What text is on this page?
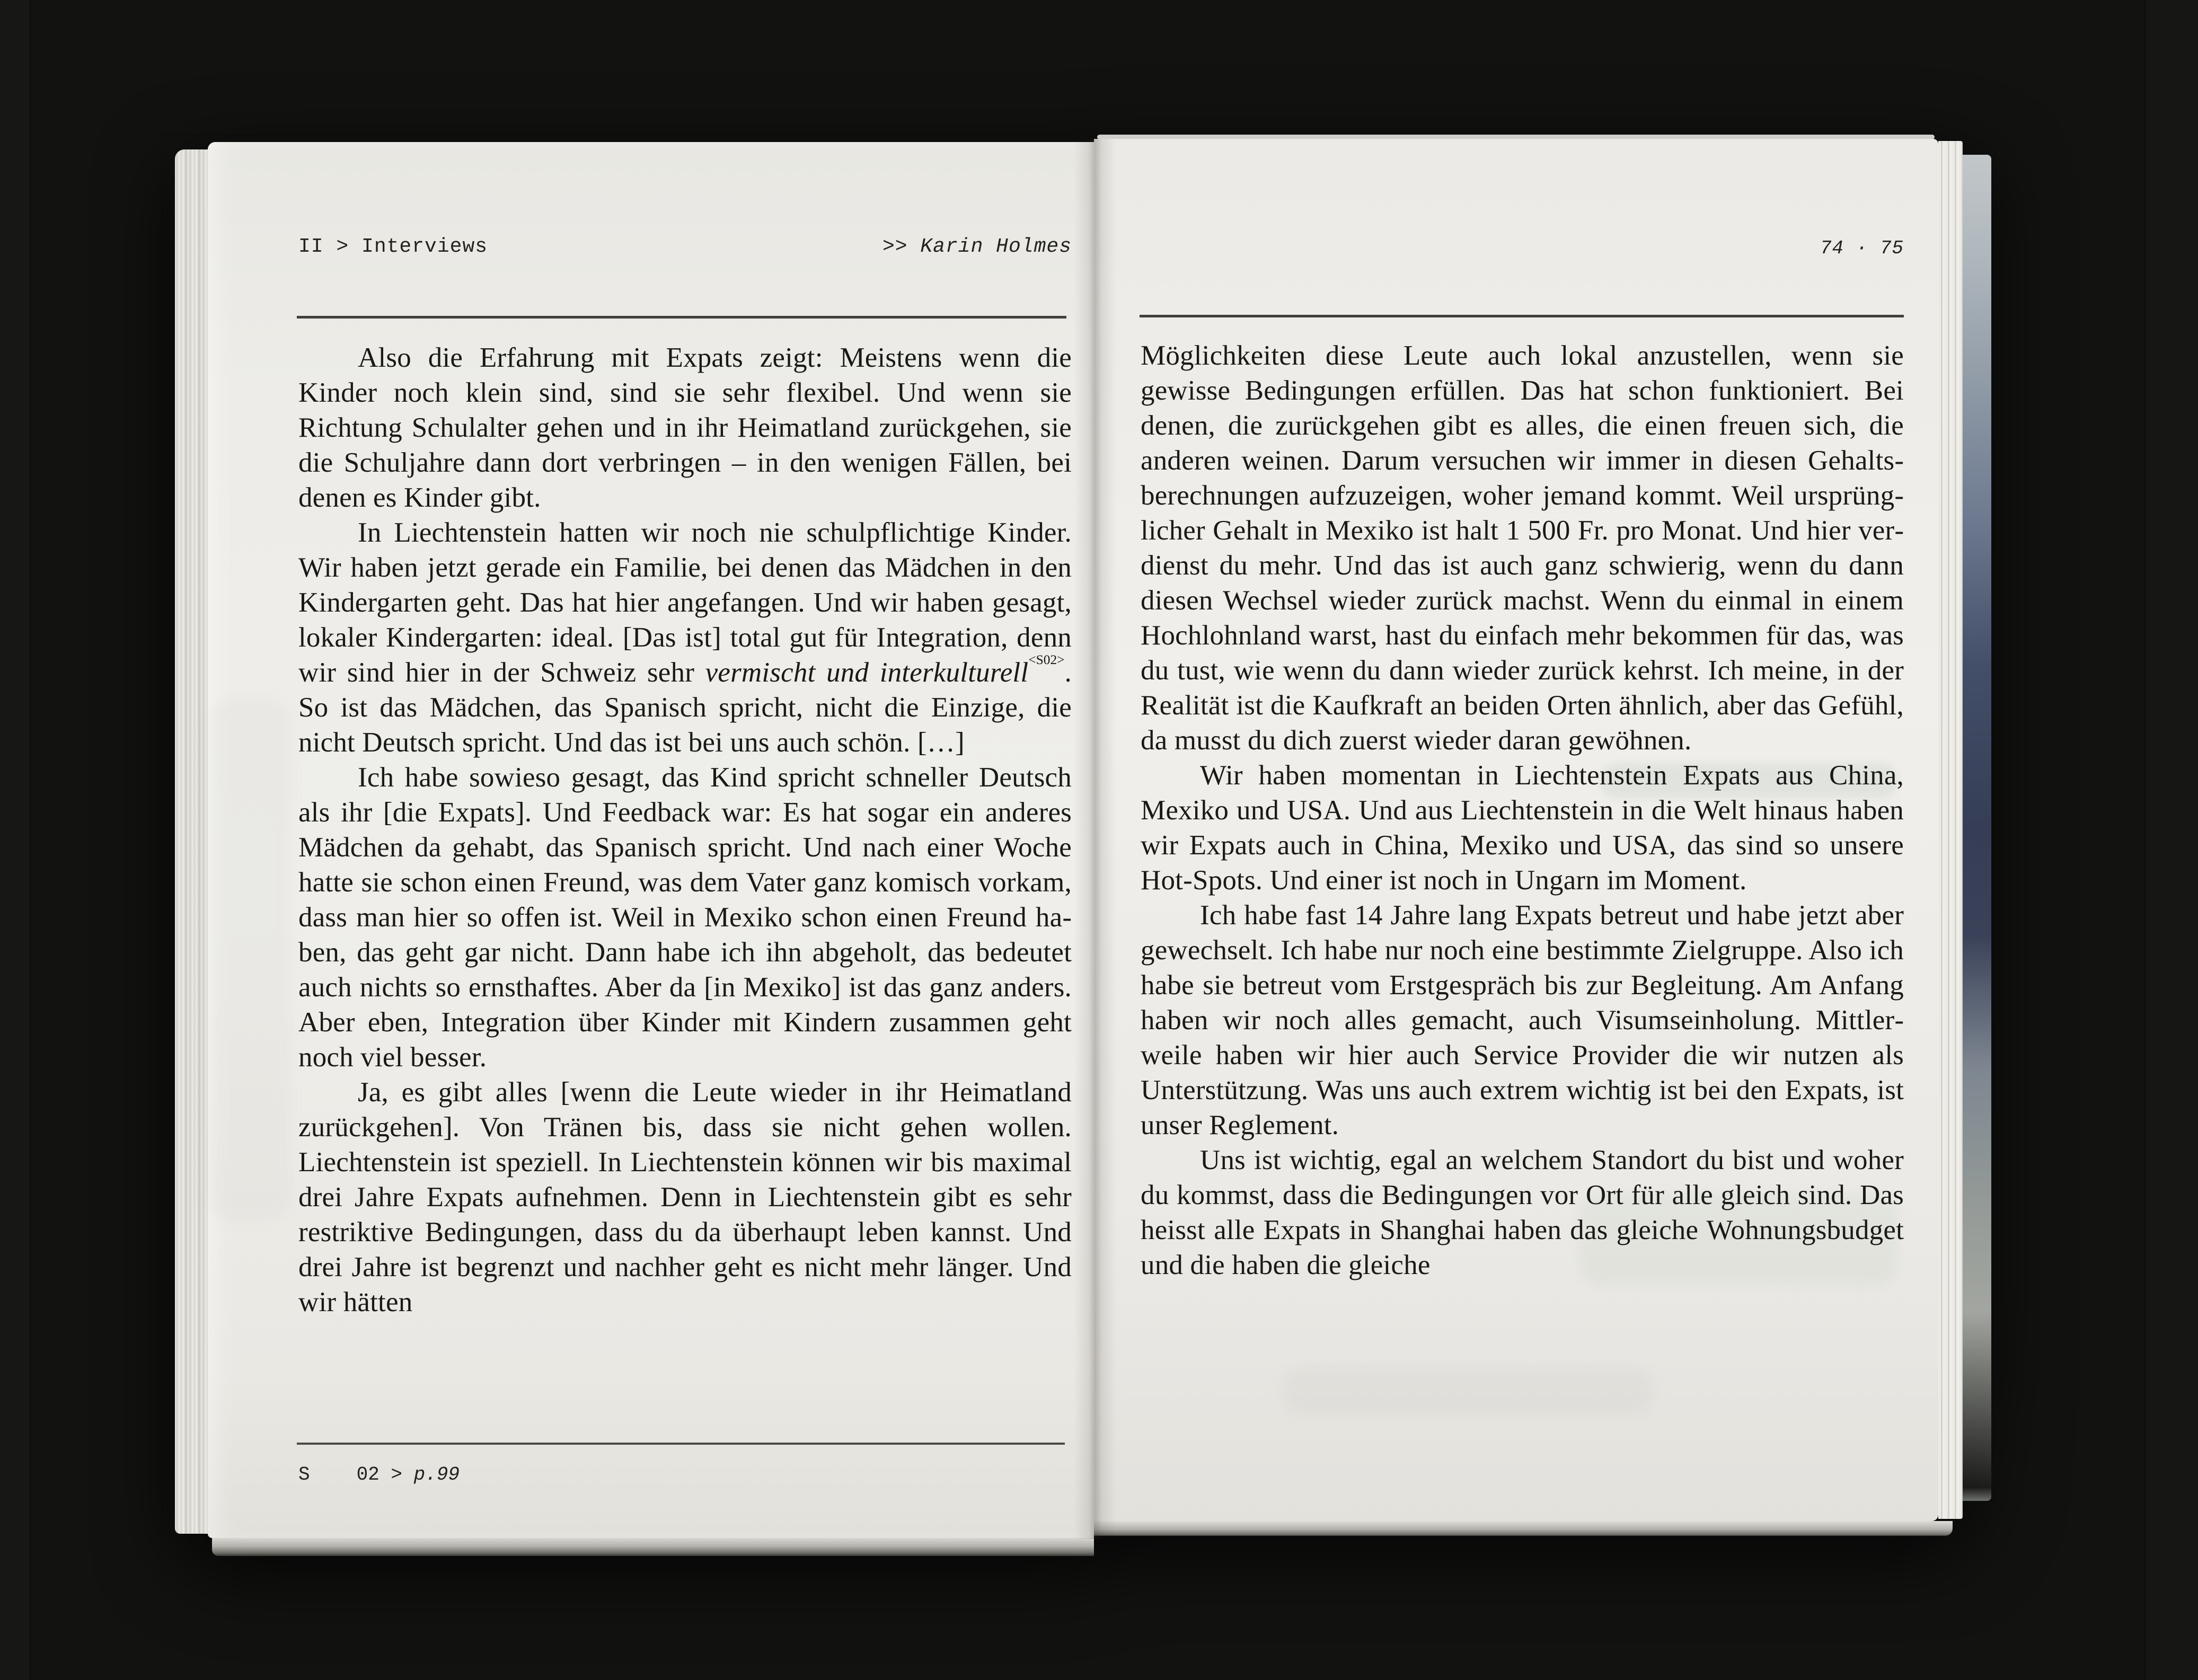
II > Interviews	>> Karin Holmes

Also die Erfahrung mit Expats zeigt: Meistens wenn die Kinder noch klein sind, sind sie sehr flexibel. Und wenn sie Richtung Schulalter gehen und in ihr Heimatland zurückgehen, sie die Schuljahre dann dort verbringen – in den wenigen Fällen, bei denen es Kinder gibt.

In Liechtenstein hatten wir noch nie schulpflichtige Kinder. Wir haben jetzt gerade ein Familie, bei denen das Mädchen in den Kindergarten geht. Das hat hier angefangen. Und wir haben gesagt, lokaler Kindergarten: ideal. [Das ist] total gut für Integration, denn wir sind hier in der Schweiz sehr vermischt und interkulturell$^{<S02>}$. So ist das Mädchen, das Spanisch spricht, nicht die Einzige, die nicht Deutsch spricht. Und das ist bei uns auch schön. […]

Ich habe sowieso gesagt, das Kind spricht schneller Deutsch als ihr [die Expats]. Und Feedback war: Es hat sogar ein anderes Mädchen da gehabt, das Spanisch spricht. Und nach einer Woche hatte sie schon einen Freund, was dem Vater ganz komisch vorkam, dass man hier so offen ist. Weil in Mexiko schon einen Freund haben, das geht gar nicht. Dann habe ich ihn abgeholt, das bedeutet auch nichts so ernsthaftes. Aber da [in Mexiko] ist das ganz anders. Aber eben, Integration über Kinder mit Kindern zusammen geht noch viel besser.

Ja, es gibt alles [wenn die Leute wieder in ihr Heimatland zurückgehen]. Von Tränen bis, dass sie nicht gehen wollen. Liechtenstein ist speziell. In Liechtenstein können wir bis maximal drei Jahre Expats aufnehmen. Denn in Liechtenstein gibt es sehr restriktive Bedingungen, dass du da überhaupt leben kannst. Und drei Jahre ist begrenzt und nachher geht es nicht mehr länger. Und wir hätten

S 02 > p.99
74 · 75

Möglichkeiten diese Leute auch lokal anzustellen, wenn sie gewisse Bedingungen erfüllen. Das hat schon funktioniert. Bei denen, die zurückgehen gibt es alles, die einen freuen sich, die anderen weinen. Darum versuchen wir immer in diesen Gehaltsberechnungen aufzuzeigen, woher jemand kommt. Weil ursprünglicher Gehalt in Mexiko ist halt 1 500 Fr. pro Monat. Und hier verdienst du mehr. Und das ist auch ganz schwierig, wenn du dann diesen Wechsel wieder zurück machst. Wenn du einmal in einem Hochlohnland warst, hast du einfach mehr bekommen für das, was du tust, wie wenn du dann wieder zurück kehrst. Ich meine, in der Realität ist die Kaufkraft an beiden Orten ähnlich, aber das Gefühl, da musst du dich zuerst wieder daran gewöhnen.

Wir haben momentan in Liechtenstein Expats aus China, Mexiko und USA. Und aus Liechtenstein in die Welt hinaus haben wir Expats auch in China, Mexiko und USA, das sind so unsere Hot-Spots. Und einer ist noch in Ungarn im Moment.

Ich habe fast 14 Jahre lang Expats betreut und habe jetzt aber gewechselt. Ich habe nur noch eine bestimmte Zielgruppe. Also ich habe sie betreut vom Erstgespräch bis zur Begleitung. Am Anfang haben wir noch alles gemacht, auch Visumseinholung. Mittlerweile haben wir hier auch Service Provider die wir nutzen als Unterstützung. Was uns auch extrem wichtig ist bei den Expats, ist unser Reglement.

Uns ist wichtig, egal an welchem Standort du bist und woher du kommst, dass die Bedingungen vor Ort für alle gleich sind. Das heisst alle Expats in Shanghai haben das gleiche Wohnungsbudget und die haben die gleiche
